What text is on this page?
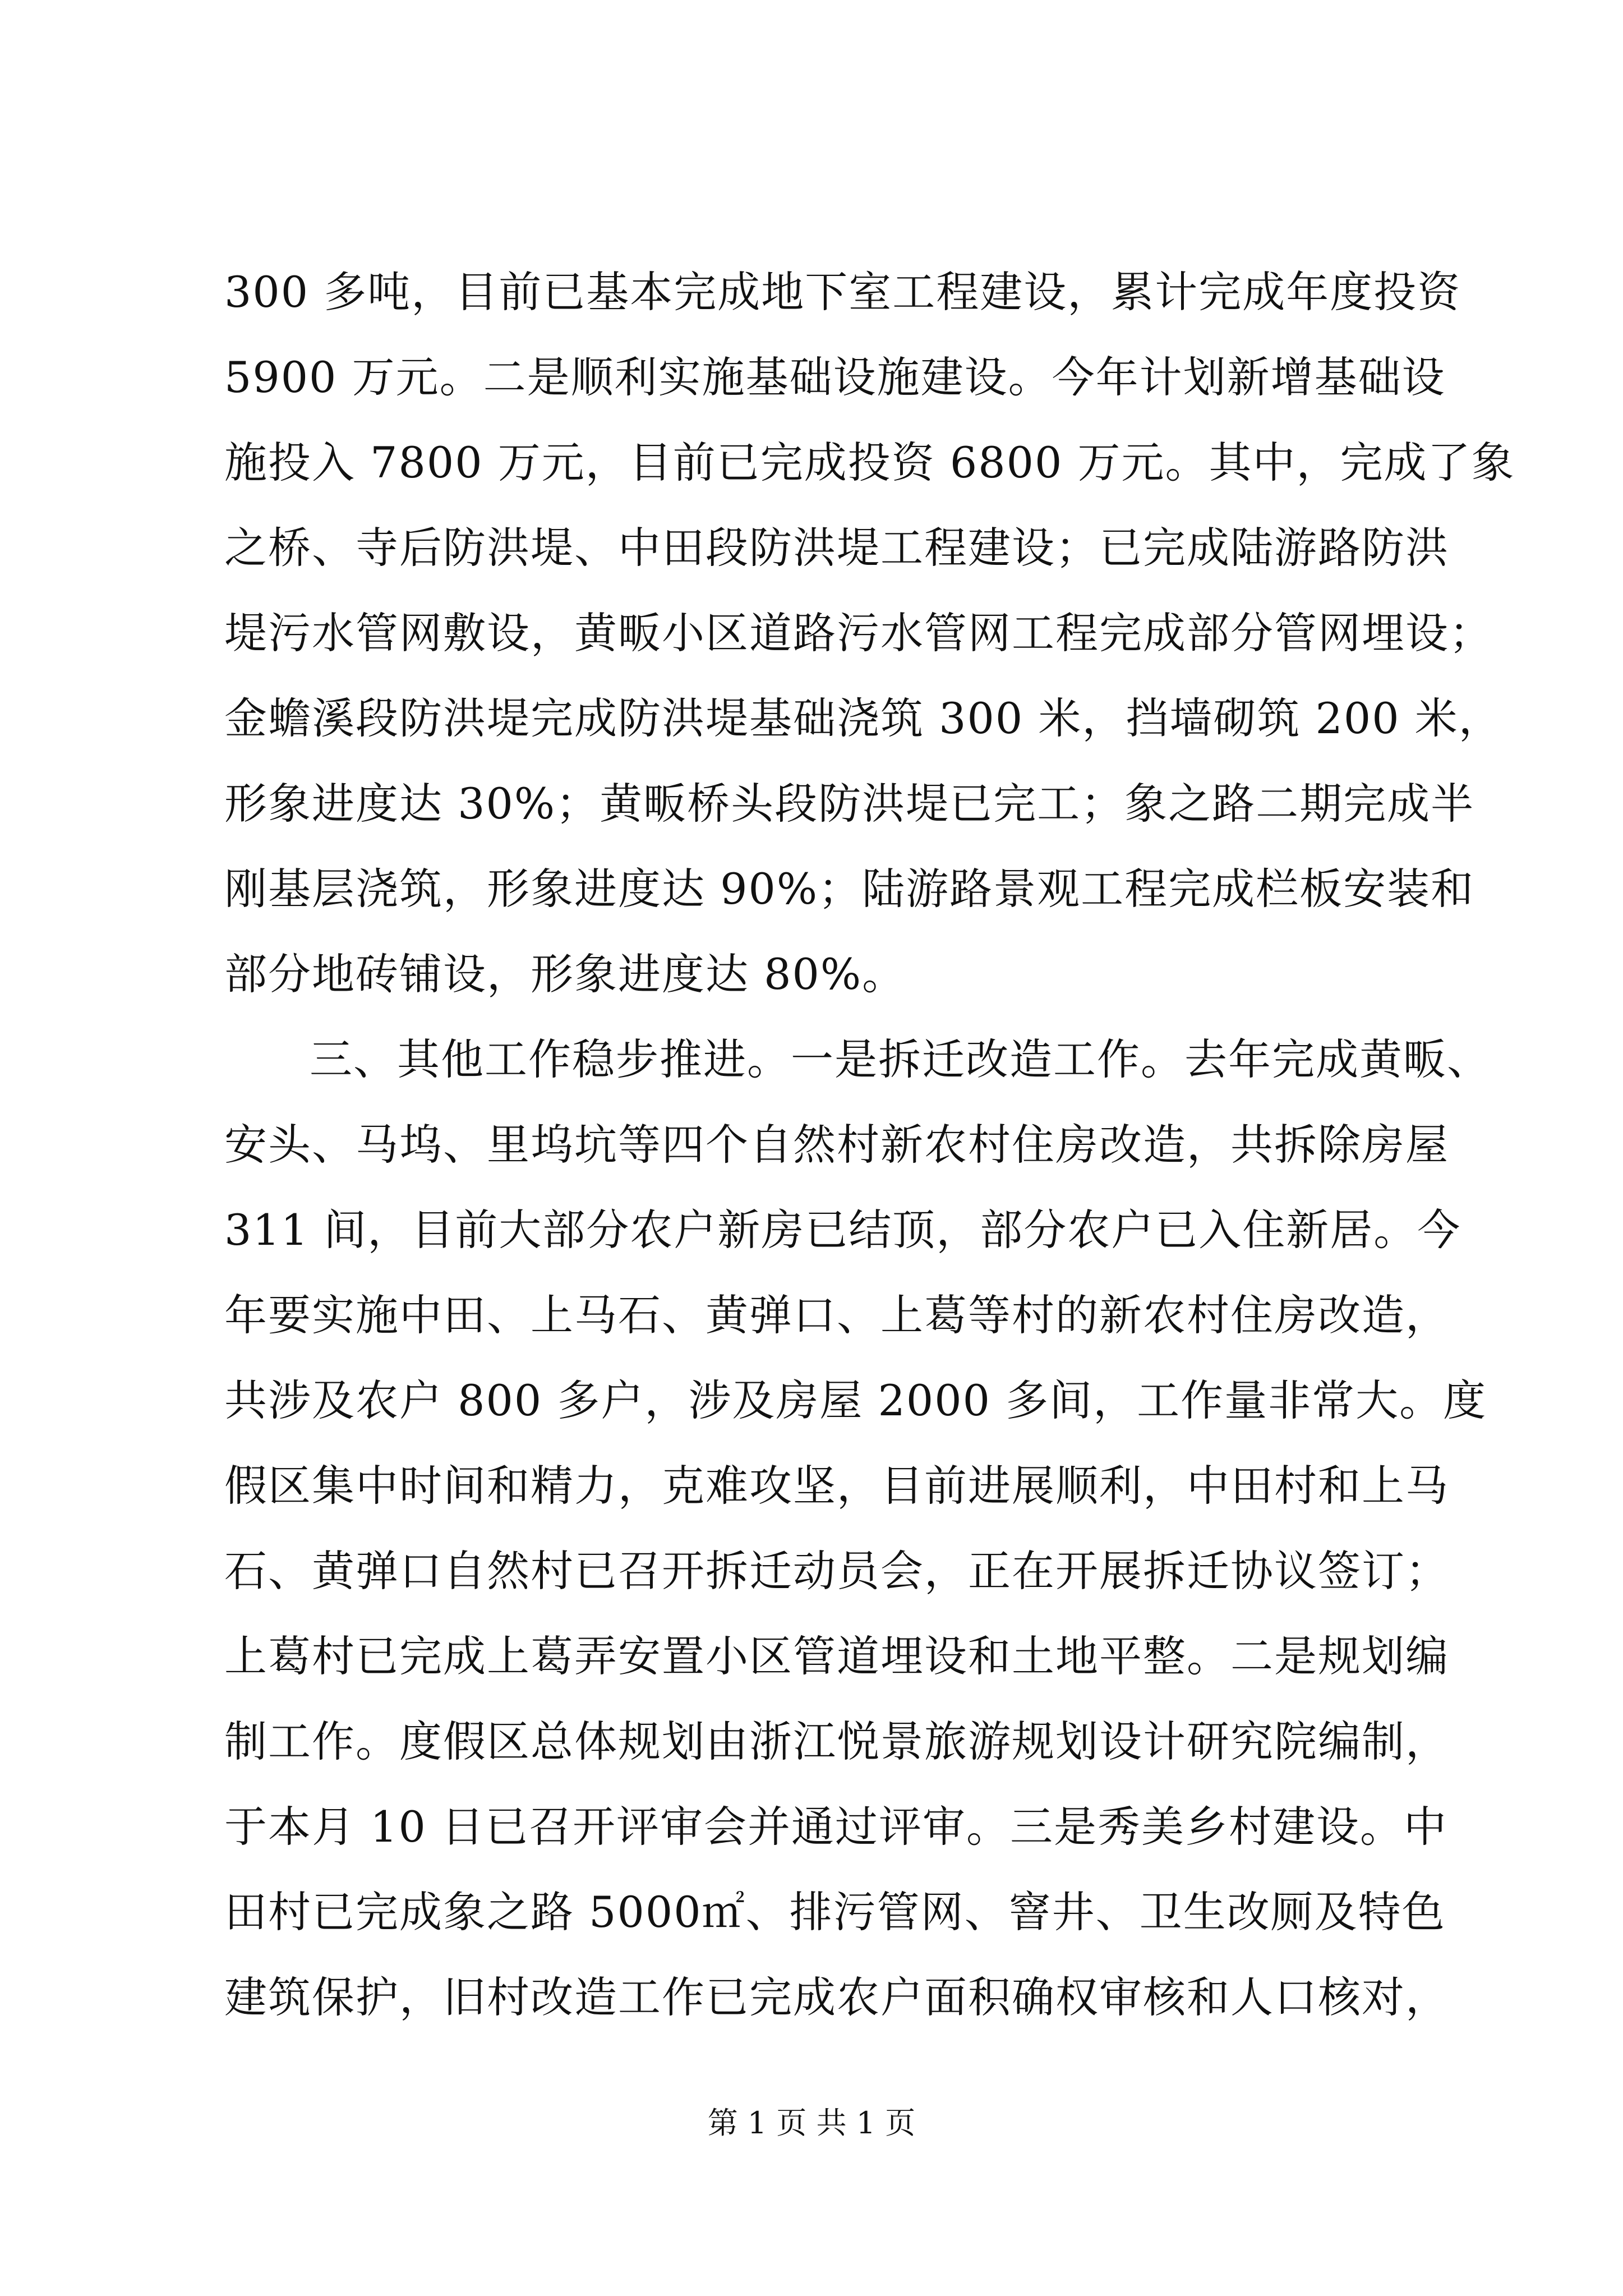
300 多吨，目前已基本完成地下室工程建设，累计完成年度投资
5900 万元。二是顺利实施基础设施建设。今年计划新增基础设
施投入 7800 万元，目前已完成投资 6800 万元。其中，完成了象
之桥、寺后防洪堤、中田段防洪堤工程建设；已完成陆游路防洪
堤污水管网敷设，黄畈小区道路污水管网工程完成部分管网埋设；
金蟾溪段防洪堤完成防洪堤基础浇筑 300 米，挡墙砌筑 200 米，
形象进度达 30%；黄畈桥头段防洪堤已完工；象之路二期完成半
刚基层浇筑，形象进度达 90%；陆游路景观工程完成栏板安装和
部分地砖铺设，形象进度达 80%。
三、其他工作稳步推进。一是拆迁改造工作。去年完成黄畈、
安头、马坞、里坞坑等四个自然村新农村住房改造，共拆除房屋
311 间，目前大部分农户新房已结顶，部分农户已入住新居。今
年要实施中田、上马石、黄弹口、上葛等村的新农村住房改造，
共涉及农户 800 多户，涉及房屋 2000 多间，工作量非常大。度
假区集中时间和精力，克难攻坚，目前进展顺利，中田村和上马
石、黄弹口自然村已召开拆迁动员会，正在开展拆迁协议签订；
上葛村已完成上葛弄安置小区管道埋设和土地平整。二是规划编
制工作。度假区总体规划由浙江悦景旅游规划设计研究院编制，
于本月 10 日已召开评审会并通过评审。三是秀美乡村建设。中
田村已完成象之路 5000㎡、排污管网、窨井、卫生改厕及特色
建筑保护，旧村改造工作已完成农户面积确权审核和人口核对，
第 1 页 共 1 页
